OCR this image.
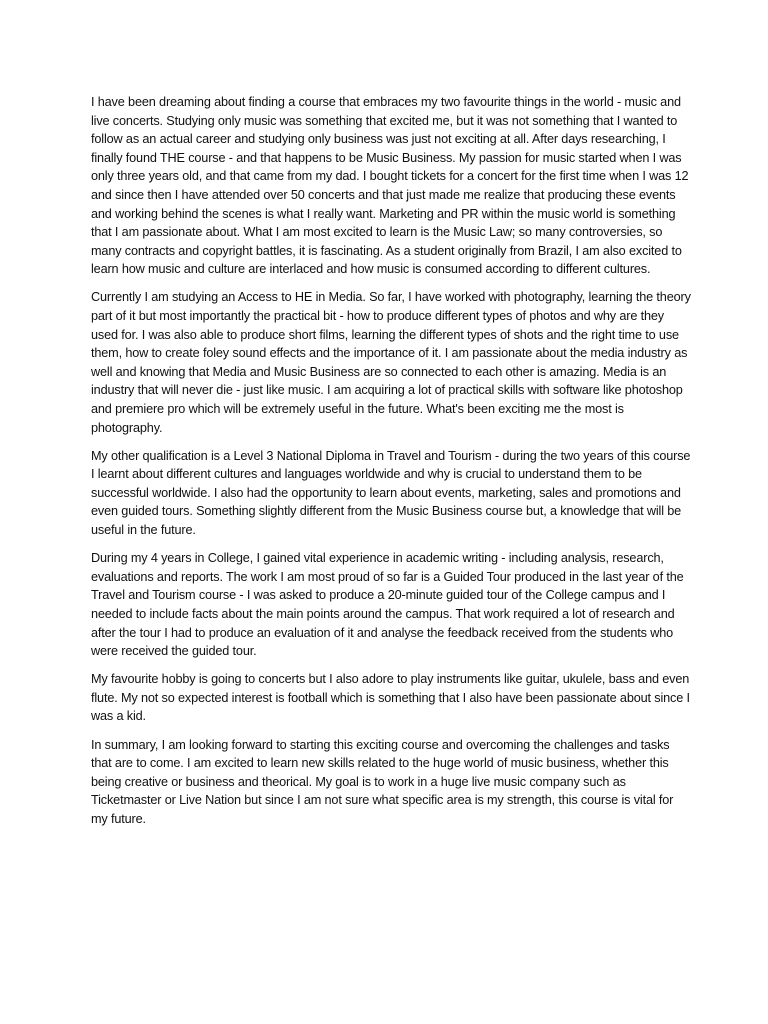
I have been dreaming about finding a course that embraces my two favourite things in the world - music and live concerts. Studying only music was something that excited me, but it was not something that I wanted to follow as an actual career and studying only business was just not exciting at all. After days researching, I finally found THE course - and that happens to be Music Business. My passion for music started when I was only three years old, and that came from my dad. I bought tickets for a concert for the first time when I was 12 and since then I have attended over 50 concerts and that just made me realize that producing these events and working behind the scenes is what I really want. Marketing and PR within the music world is something that I am passionate about. What I am most excited to learn is the Music Law; so many controversies, so many contracts and copyright battles, it is fascinating. As a student originally from Brazil, I am also excited to learn how music and culture are interlaced and how music is consumed according to different cultures.

Currently I am studying an Access to HE in Media. So far, I have worked with photography, learning the theory part of it but most importantly the practical bit - how to produce different types of photos and why are they used for. I was also able to produce short films, learning the different types of shots and the right time to use them, how to create foley sound effects and the importance of it. I am passionate about the media industry as well and knowing that Media and Music Business are so connected to each other is amazing. Media is an industry that will never die - just like music. I am acquiring a lot of practical skills with software like photoshop and premiere pro which will be extremely useful in the future. What's been exciting me the most is photography.

My other qualification is a Level 3 National Diploma in Travel and Tourism - during the two years of this course I learnt about different cultures and languages worldwide and why is crucial to understand them to be successful worldwide. I also had the opportunity to learn about events, marketing, sales and promotions and even guided tours. Something slightly different from the Music Business course but, a knowledge that will be useful in the future.

During my 4 years in College, I gained vital experience in academic writing - including analysis, research, evaluations and reports. The work I am most proud of so far is a Guided Tour produced in the last year of the Travel and Tourism course - I was asked to produce a 20-minute guided tour of the College campus and I needed to include facts about the main points around the campus. That work required a lot of research and after the tour I had to produce an evaluation of it and analyse the feedback received from the students who were received the guided tour.

My favourite hobby is going to concerts but I also adore to play instruments like guitar, ukulele, bass and even flute. My not so expected interest is football which is something that I also have been passionate about since I was a kid.

In summary, I am looking forward to starting this exciting course and overcoming the challenges and tasks that are to come. I am excited to learn new skills related to the huge world of music business, whether this being creative or business and theorical. My goal is to work in a huge live music company such as Ticketmaster or Live Nation but since I am not sure what specific area is my strength, this course is vital for my future.
